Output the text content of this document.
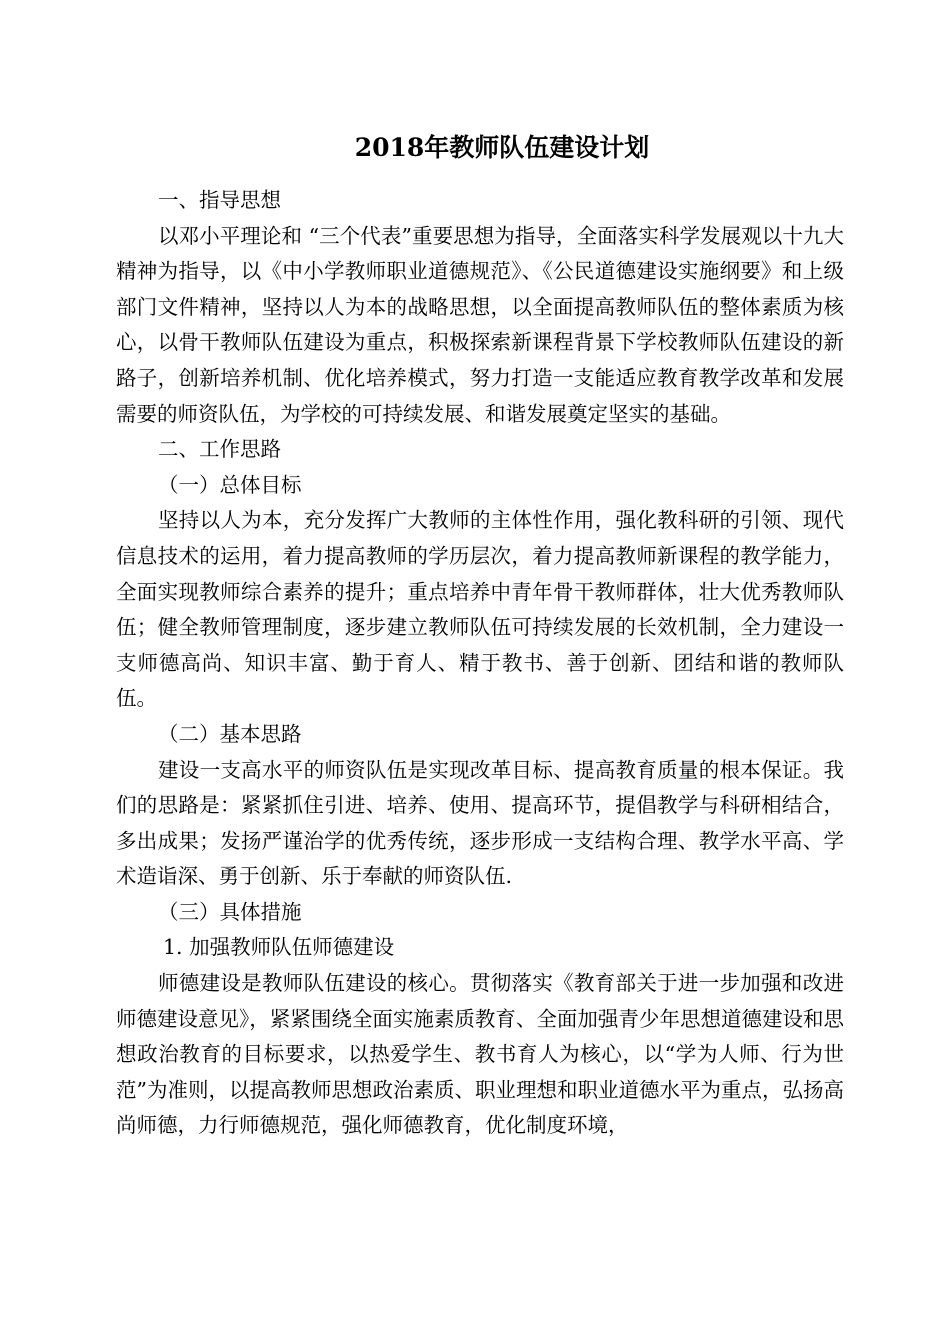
2018年教师队伍建设计划

一、指导思想

以邓小平理论和 “三个代表”重要思想为指导，全面落实科学发展观以十九大精神为指导，以《中小学教师职业道德规范》、《公民道德建设实施纲要》和上级部门文件精神，坚持以人为本的战略思想，以全面提高教师队伍的整体素质为核心，以骨干教师队伍建设为重点，积极探索新课程背景下学校教师队伍建设的新路子，创新培养机制、优化培养模式，努力打造一支能适应教育教学改革和发展需要的师资队伍，为学校的可持续发展、和谐发展奠定坚实的基础。

二、工作思路

（一）总体目标

坚持以人为本，充分发挥广大教师的主体性作用，强化教科研的引领、现代信息技术的运用，着力提高教师的学历层次，着力提高教师新课程的教学能力，全面实现教师综合素养的提升；重点培养中青年骨干教师群体，壮大优秀教师队伍；健全教师管理制度，逐步建立教师队伍可持续发展的长效机制，全力建设一支师德高尚、知识丰富、勤于育人、精于教书、善于创新、团结和谐的教师队伍。

（二）基本思路

建设一支高水平的师资队伍是实现改革目标、提高教育质量的根本保证。我们的思路是：紧紧抓住引进、培养、使用、提高环节，提倡教学与科研相结合，多出成果；发扬严谨治学的优秀传统，逐步形成一支结构合理、教学水平高、学术造诣深、勇于创新、乐于奉献的师资队伍.

（三）具体措施

1. 加强教师队伍师德建设

师德建设是教师队伍建设的核心。贯彻落实《教育部关于进一步加强和改进师德建设意见》，紧紧围绕全面实施素质教育、全面加强青少年思想道德建设和思想政治教育的目标要求，以热爱学生、教书育人为核心，以“学为人师、行为世范”为准则，以提高教师思想政治素质、职业理想和职业道德水平为重点，弘扬高尚师德，力行师德规范，强化师德教育，优化制度环境，
